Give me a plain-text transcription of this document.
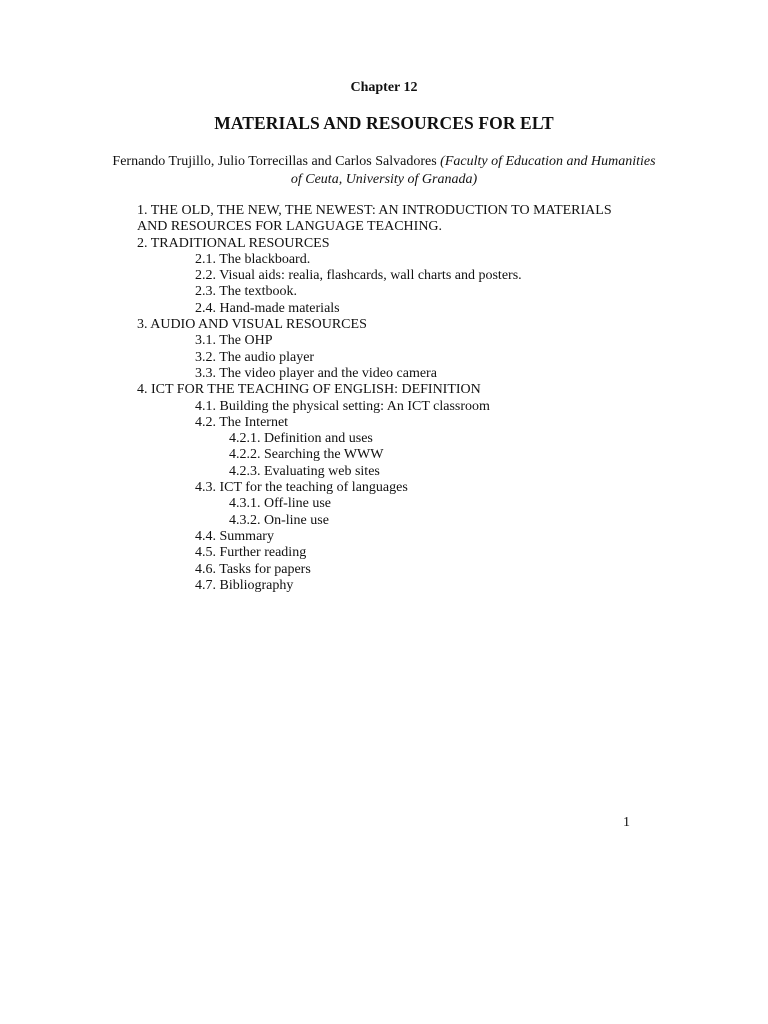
Chapter 12
MATERIALS AND RESOURCES FOR ELT
Fernando Trujillo, Julio Torrecillas and Carlos Salvadores (Faculty of Education and Humanities of Ceuta, University of Granada)
1. THE OLD, THE NEW, THE NEWEST: AN INTRODUCTION TO MATERIALS
AND RESOURCES FOR LANGUAGE TEACHING.
2. TRADITIONAL RESOURCES
2.1. The blackboard.
2.2. Visual aids: realia, flashcards, wall charts and posters.
2.3. The textbook.
2.4. Hand-made materials
3. AUDIO AND VISUAL RESOURCES
3.1. The OHP
3.2. The audio player
3.3. The video player and the video camera
4. ICT FOR THE TEACHING OF ENGLISH: DEFINITION
4.1. Building the physical setting: An ICT classroom
4.2. The Internet
4.2.1. Definition and uses
4.2.2. Searching the WWW
4.2.3. Evaluating web sites
4.3. ICT for the teaching of languages
4.3.1. Off-line use
4.3.2. On-line use
4.4. Summary
4.5. Further reading
4.6. Tasks for papers
4.7. Bibliography
1
